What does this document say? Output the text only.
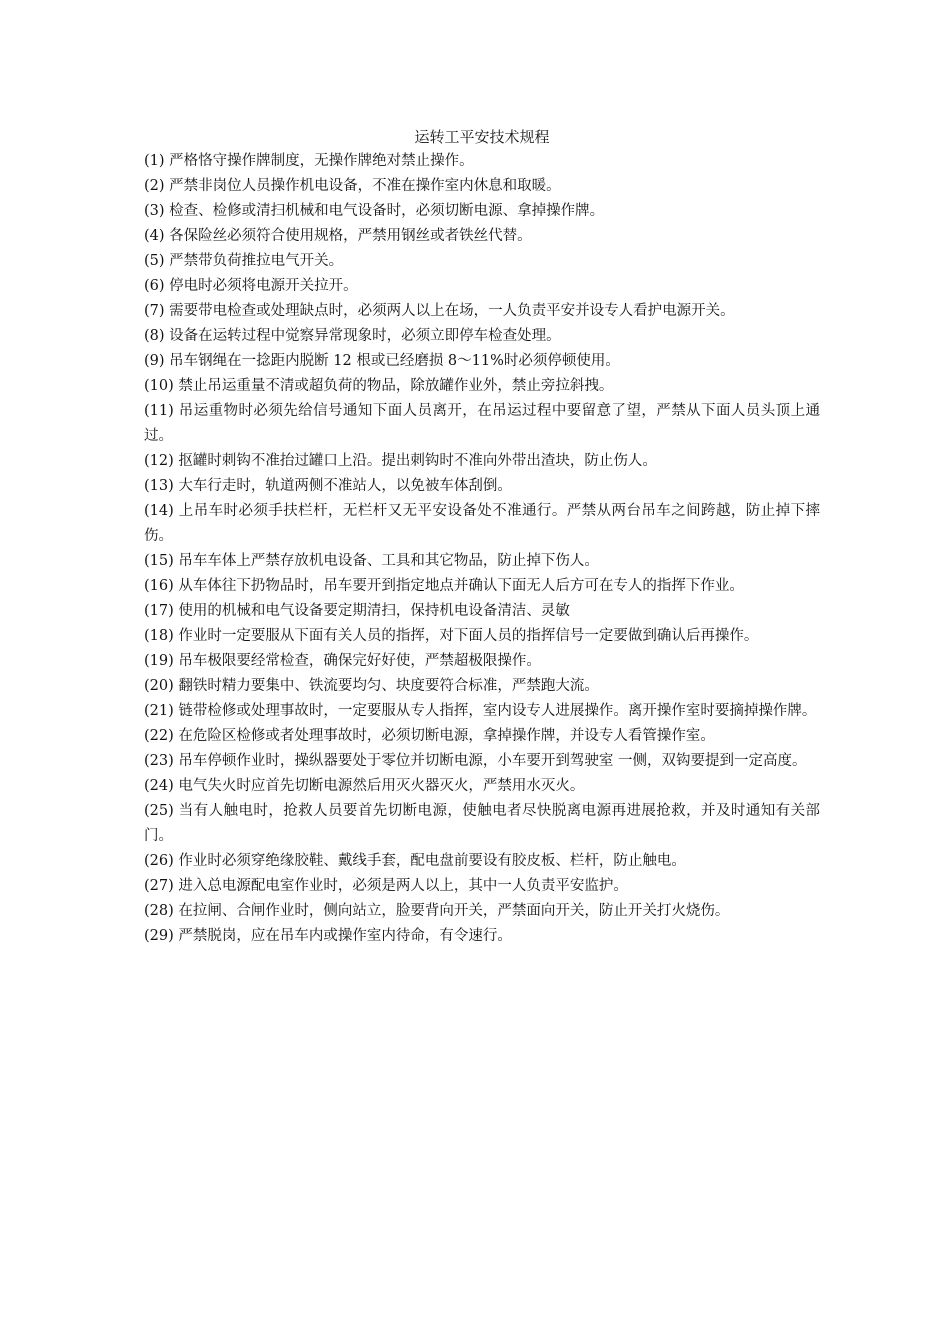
运转工平安技术规程
(1) 严格恪守操作牌制度，无操作牌绝对禁止操作。
(2) 严禁非岗位人员操作机电设备，不准在操作室内休息和取暖。
(3) 检查、检修或清扫机械和电气设备时，必须切断电源、拿掉操作牌。
(4) 各保险丝必须符合使用规格，严禁用钢丝或者铁丝代替。
(5) 严禁带负荷推拉电气开关。
(6) 停电时必须将电源开关拉开。
(7) 需要带电检查或处理缺点时，必须两人以上在场，一人负责平安并设专人看护电源开关。
(8) 设备在运转过程中觉察异常现象时，必须立即停车检查处理。
(9) 吊车钢绳在一捻距内脱断 12 根或已经磨损 8～11%时必须停顿使用。
(10) 禁止吊运重量不清或超负荷的物品，除放罐作业外，禁止旁拉斜拽。
(11) 吊运重物时必须先给信号通知下面人员离开，在吊运过程中要留意了望，严禁从下面人员头顶上通过。
(12) 抠罐时刺钩不准抬过罐口上沿。提出刺钩时不准向外带出渣块，防止伤人。
(13) 大车行走时，轨道两侧不准站人，以免被车体刮倒。
(14) 上吊车时必须手扶栏杆，无栏杆又无平安设备处不准通行。严禁从两台吊车之间跨越，防止掉下摔伤。
(15) 吊车车体上严禁存放机电设备、工具和其它物品，防止掉下伤人。
(16) 从车体往下扔物品时，吊车要开到指定地点并确认下面无人后方可在专人的指挥下作业。
(17) 使用的机械和电气设备要定期清扫，保持机电设备清洁、灵敏
(18) 作业时一定要服从下面有关人员的指挥，对下面人员的指挥信号一定要做到确认后再操作。
(19) 吊车极限要经常检查，确保完好好使，严禁超极限操作。
(20) 翻铁时精力要集中、铁流要均匀、块度要符合标准，严禁跑大流。
(21) 链带检修或处理事故时，一定要服从专人指挥，室内设专人进展操作。离开操作室时要摘掉操作牌。
(22) 在危险区检修或者处理事故时，必须切断电源，拿掉操作牌，并设专人看管操作室。
(23) 吊车停顿作业时，操纵器要处于零位并切断电源，小车要开到驾驶室 一侧，双钩要提到一定高度。
(24) 电气失火时应首先切断电源然后用灭火器灭火，严禁用水灭火。
(25) 当有人触电时，抢救人员要首先切断电源，使触电者尽快脱离电源再进展抢救，并及时通知有关部门。
(26) 作业时必须穿绝缘胶鞋、戴线手套，配电盘前要设有胶皮板、栏杆，防止触电。
(27) 进入总电源配电室作业时，必须是两人以上，其中一人负责平安监护。
(28) 在拉闸、合闸作业时，侧向站立，脸要背向开关，严禁面向开关，防止开关打火烧伤。
(29) 严禁脱岗，应在吊车内或操作室内待命，有令速行。
